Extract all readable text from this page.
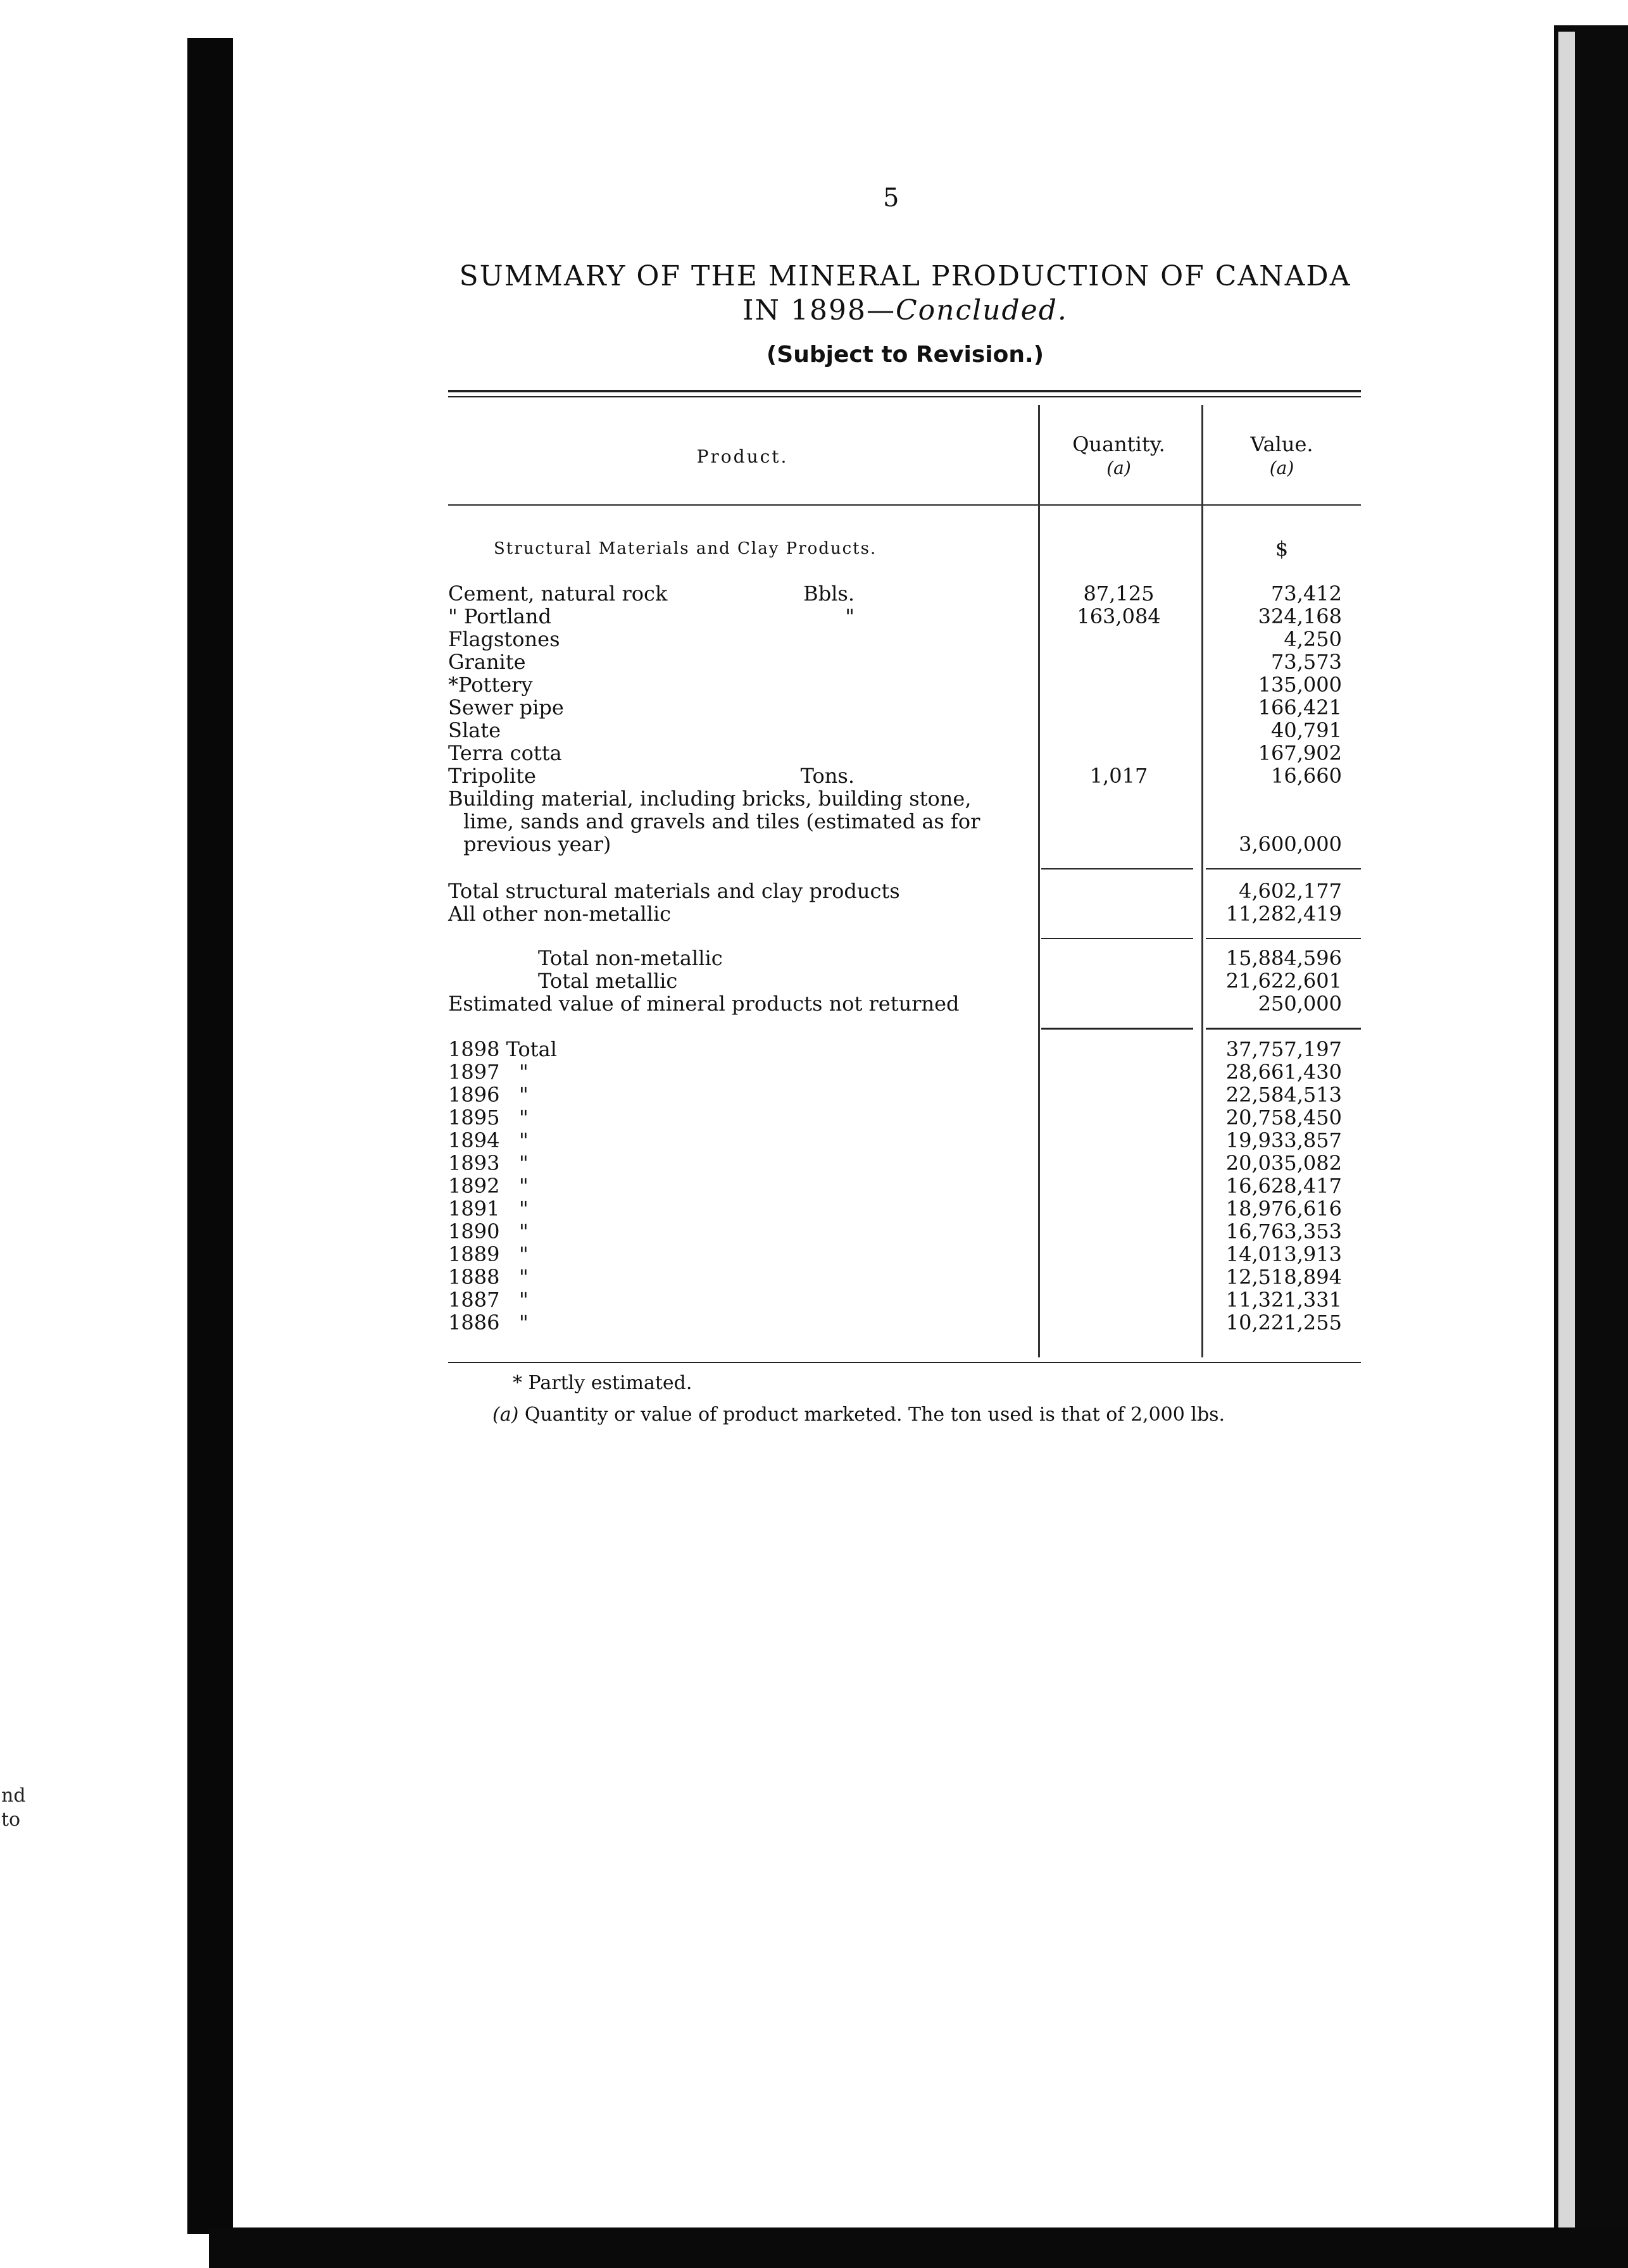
nd
to
5
SUMMARY OF THE MINERAL PRODUCTION OF CANADA
IN 1898—Concluded.
(Subject to Revision.)
Product.
Quantity.
(a)
Value.
(a)
Structural Materials and Clay Products.	$
Cement, natural rock	Bbls.	87,125	73,412
" Portland	"	163,084	324,168
Flagstones	4,250
Granite	73,573
*Pottery	135,000
Sewer pipe	166,421
Slate	40,791
Terra cotta	167,902
Tripolite	Tons.	1,017	16,660
Building material, including bricks, building stone,
lime, sands and gravels and tiles (estimated as for
previous year)	3,600,000
Total structural materials and clay products	4,602,177
All other non-metallic	11,282,419
Total non-metallic	15,884,596
Total metallic	21,622,601
Estimated value of mineral products not returned	250,000
1898 Total	37,757,197
1897 "	28,661,430
1896 "	22,584,513
1895 "	20,758,450
1894 "	19,933,857
1893 "	20,035,082
1892 "	16,628,417
1891 "	18,976,616
1890 "	16,763,353
1889 "	14,013,913
1888 "	12,518,894
1887 "	11,321,331
1886 "	10,221,255
* Partly estimated.
(a) Quantity or value of product marketed. The ton used is that of 2,000 lbs.
